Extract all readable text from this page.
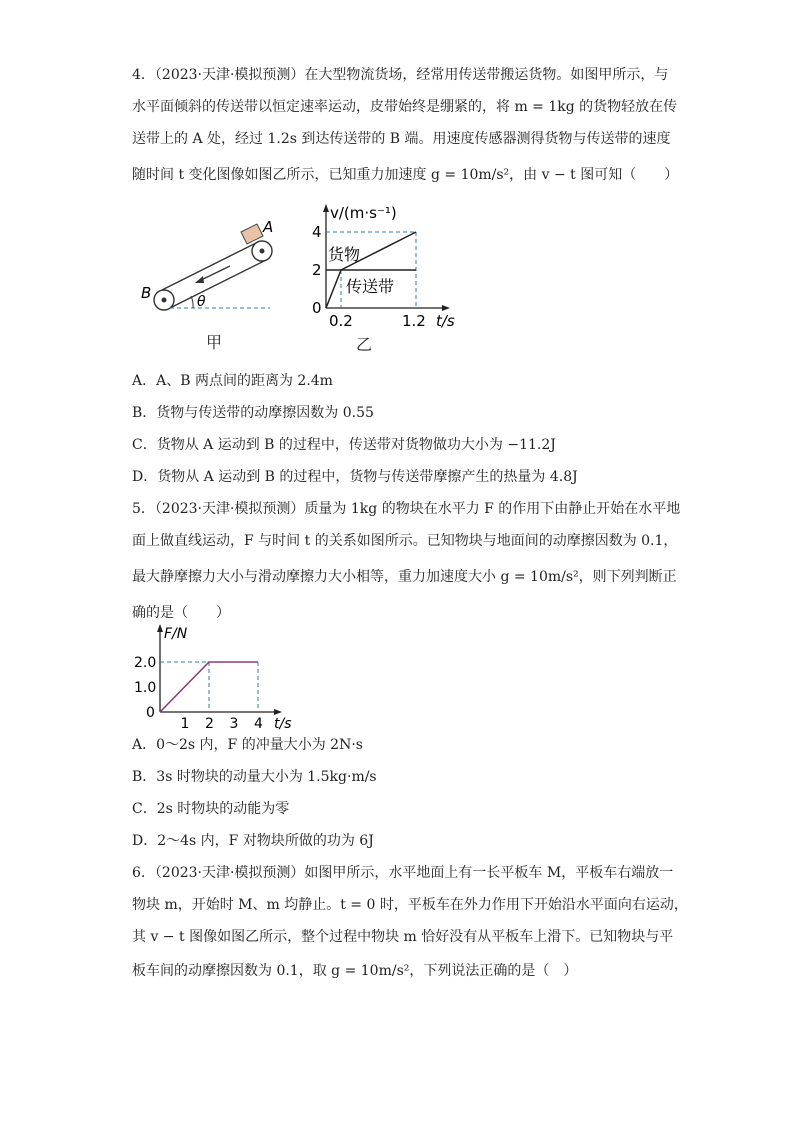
4．（2023·天津·模拟预测）在大型物流货场，经常用传送带搬运货物。如图甲所示，与
水平面倾斜的传送带以恒定速率运动，皮带始终是绷紧的，将 m = 1kg 的货物轻放在传
送带上的 A 处，经过 1.2s 到达传送带的 B 端。用速度传感器测得货物与传送带的速度
随时间 t 变化图像如图乙所示，已知重力加速度 g = 10m/s²，由 v − t 图可知（　　）
θ
A
B
甲
4
2
0
0.2	1.2
v/(m·s⁻¹)
t/s
货物
传送带
乙
A．A、B 两点间的距离为 2.4m
B．货物与传送带的动摩擦因数为 0.55
C．货物从 A 运动到 B 的过程中，传送带对货物做功大小为 −11.2J
D．货物从 A 运动到 B 的过程中，货物与传送带摩擦产生的热量为 4.8J
5．（2023·天津·模拟预测）质量为 1kg 的物块在水平力 F 的作用下由静止开始在水平地
面上做直线运动，F 与时间 t 的关系如图所示。已知物块与地面间的动摩擦因数为 0.1，
最大静摩擦力大小与滑动摩擦力大小相等，重力加速度大小 g = 10m/s²，则下列判断正
确的是（　　）
2.0
1.0
0
1 2 3 4
F/N
t/s
A．0～2s 内，F 的冲量大小为 2N·s
B．3s 时物块的动量大小为 1.5kg·m/s
C．2s 时物块的动能为零
D．2～4s 内，F 对物块所做的功为 6J
6．（2023·天津·模拟预测）如图甲所示，水平地面上有一长平板车 M，平板车右端放一
物块 m，开始时 M、m 均静止。t = 0 时，平板车在外力作用下开始沿水平面向右运动，
其 v − t 图像如图乙所示，整个过程中物块 m 恰好没有从平板车上滑下。已知物块与平
板车间的动摩擦因数为 0.1，取 g = 10m/s²，下列说法正确的是（　）
